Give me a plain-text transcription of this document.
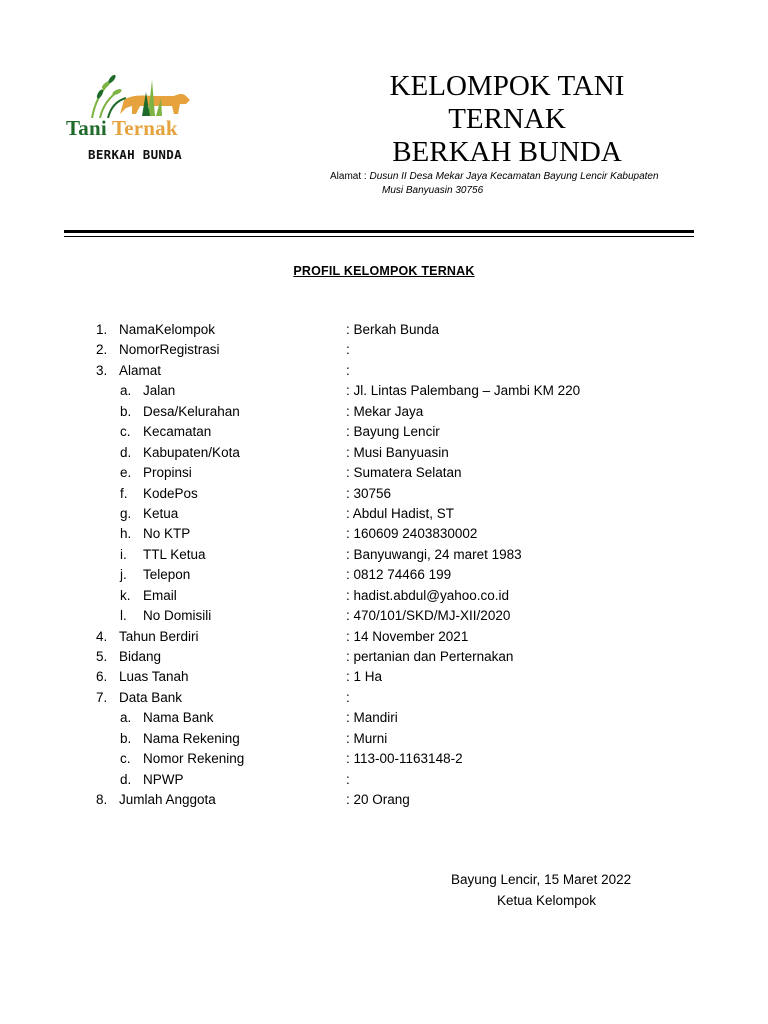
Tani Ternak
BERKAH BUNDA
KELOMPOK TANI
TERNAK
BERKAH BUNDA
Alamat : Dusun II Desa Mekar Jaya Kecamatan Bayung Lencir Kabupaten
Musi Banyuasin 30756
PROFIL KELOMPOK TERNAK
1. NamaKelompok	: Berkah Bunda
2. NomorRegistrasi	:
3. Alamat	:
a. Jalan	: Jl. Lintas Palembang – Jambi KM 220
b. Desa/Kelurahan	: Mekar Jaya
c. Kecamatan	: Bayung Lencir
d. Kabupaten/Kota	: Musi Banyuasin
e. Propinsi	: Sumatera Selatan
f. KodePos	: 30756
g. Ketua	: Abdul Hadist, ST
h. No KTP	: 160609 2403830002
i. TTL Ketua	: Banyuwangi, 24 maret 1983
j. Telepon	: 0812 74466 199
k. Email	: hadist.abdul@yahoo.co.id
l. No Domisili	: 470/101/SKD/MJ-XII/2020
4. Tahun Berdiri	: 14 November 2021
5. Bidang	: pertanian dan Perternakan
6. Luas Tanah	: 1 Ha
7. Data Bank	:
a. Nama Bank	: Mandiri
b. Nama Rekening	: Murni
c. Nomor Rekening	: 113-00-1163148-2
d. NPWP	:
8. Jumlah Anggota	: 20 Orang
Bayung Lencir, 15 Maret 2022
Ketua Kelompok
